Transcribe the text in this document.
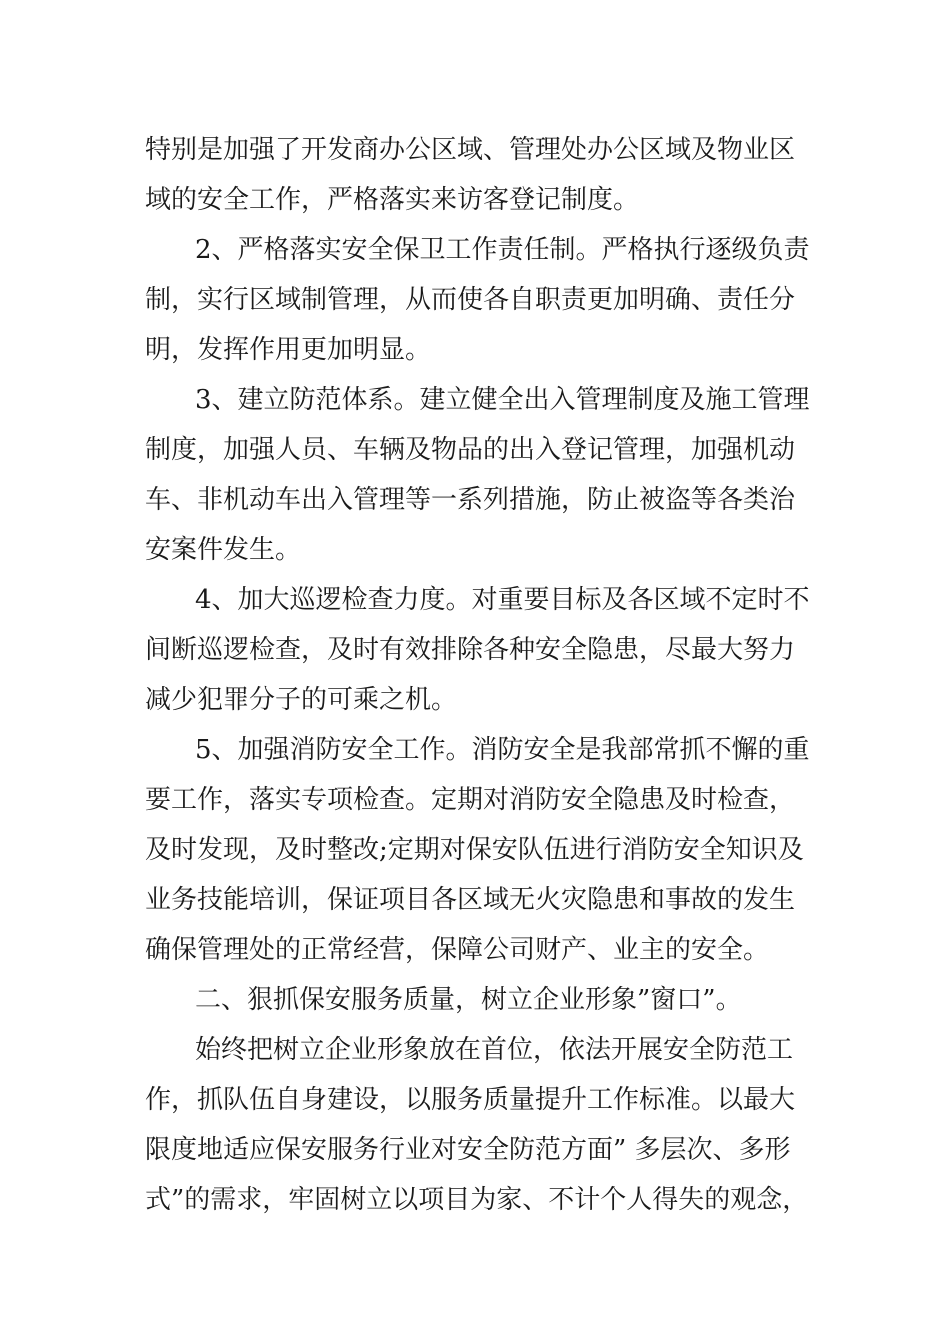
特别是加强了开发商办公区域、管理处办公区域及物业区
域的安全工作，严格落实来访客登记制度。
2、严格落实安全保卫工作责任制。严格执行逐级负责
制，实行区域制管理，从而使各自职责更加明确、责任分
明，发挥作用更加明显。
3、建立防范体系。建立健全出入管理制度及施工管理
制度，加强人员、车辆及物品的出入登记管理，加强机动
车、非机动车出入管理等一系列措施，防止被盗等各类治
安案件发生。
4、加大巡逻检查力度。对重要目标及各区域不定时不
间断巡逻检查，及时有效排除各种安全隐患，尽最大努力
减少犯罪分子的可乘之机。
5、加强消防安全工作。消防安全是我部常抓不懈的重
要工作，落实专项检查。定期对消防安全隐患及时检查，
及时发现，及时整改;定期对保安队伍进行消防安全知识及
业务技能培训，保证项目各区域无火灾隐患和事故的发生
确保管理处的正常经营，保障公司财产、业主的安全。
二、狠抓保安服务质量，树立企业形象”窗口”。
始终把树立企业形象放在首位，依法开展安全防范工
作，抓队伍自身建设，以服务质量提升工作标准。以最大
限度地适应保安服务行业对安全防范方面” 多层次、多形
式”的需求，牢固树立以项目为家、不计个人得失的观念，
